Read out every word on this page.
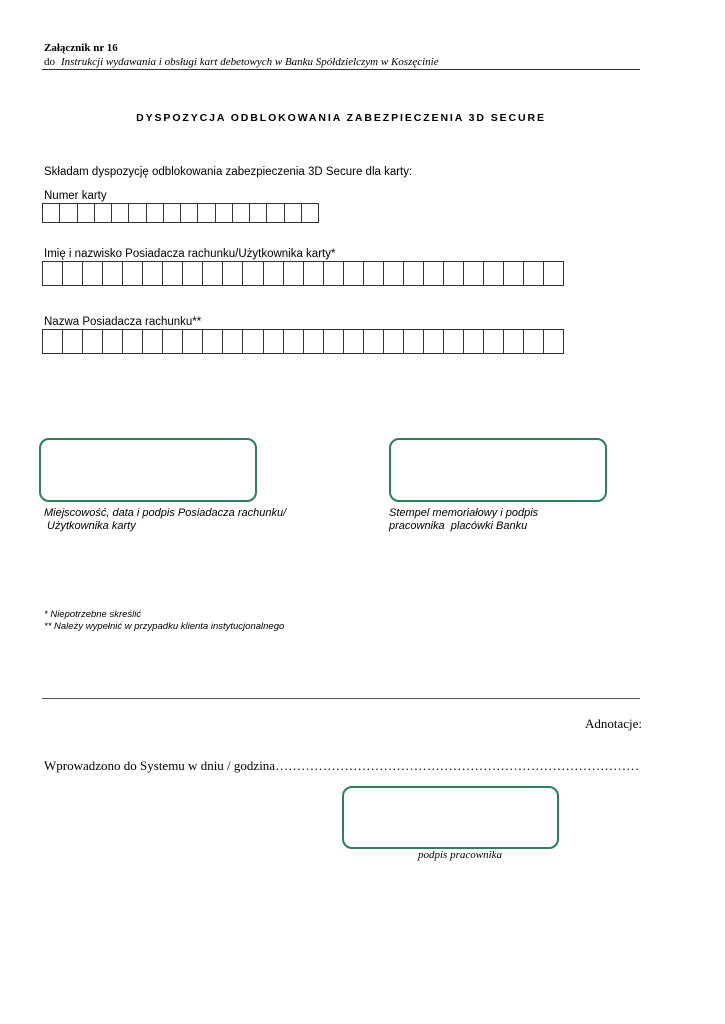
Załącznik nr 16
do Instrukcji wydawania i obsługi kart debetowych w Banku Spółdzielczym w Koszęcinie
DYSPOZYCJA ODBLOKOWANIA ZABEZPIECZENIA 3D SECURE
Składam dyspozycję odblokowania zabezpieczenia 3D Secure dla karty:
Numer karty
Imię i nazwisko Posiadacza rachunku/Użytkownika karty*
Nazwa Posiadacza rachunku**
Miejscowość, data i podpis Posiadacza rachunku/
Użytkownika karty
Stempel memoriałowy i podpis
pracownika  placówki Banku
* Niepotrzebne skreślić
** Należy wypełnić w przypadku klienta instytucjonalnego
Adnotacje:
Wprowadzono do Systemu w dniu / godzina…………………………………………………………………………
podpis pracownika
